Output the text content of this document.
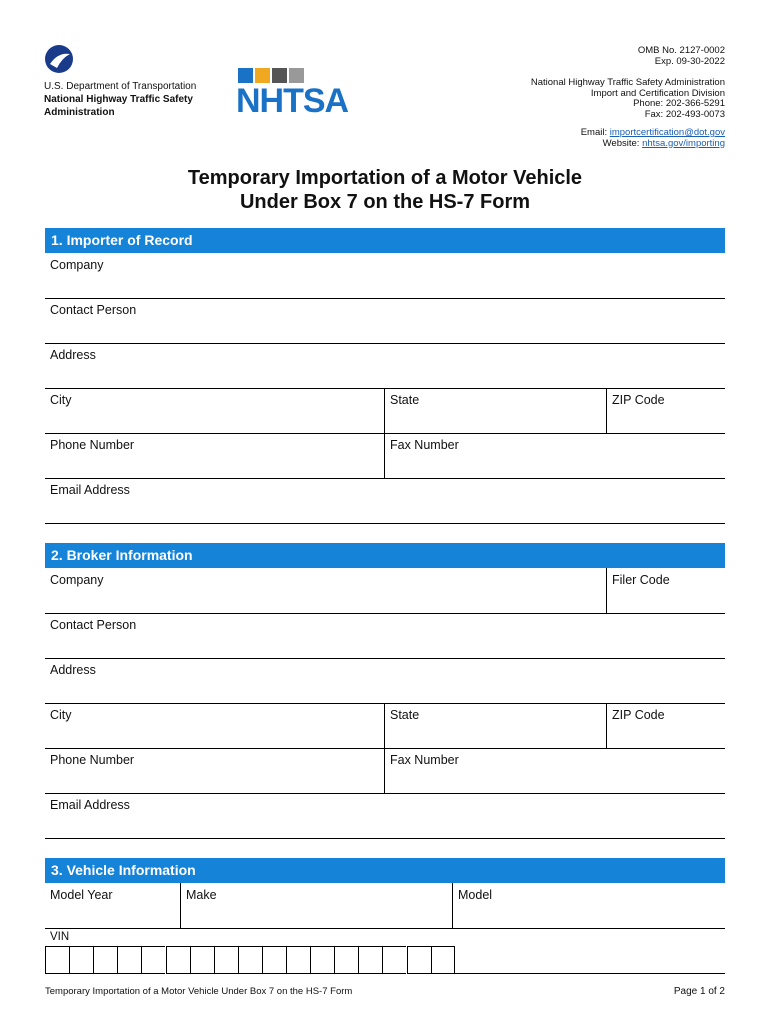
U.S. Department of Transportation
National Highway Traffic Safety
Administration	NHTSA
OMB No. 2127-0002
Exp. 09-30-2022
National Highway Traffic Safety Administration
Import and Certification Division
Phone: 202-366-5291
Fax: 202-493-0073
Email: importcertification@dot.gov
Website: nhtsa.gov/importing
Temporary Importation of a Motor Vehicle
Under Box 7 on the HS-7 Form
1. Importer of Record
Company
Contact Person
Address
City	State	ZIP Code
Phone Number	Fax Number
Email Address
2. Broker Information
Company	Filer Code
Contact Person
Address
City	State	ZIP Code
Phone Number	Fax Number
Email Address
3. Vehicle Information
Model Year	Make	Model
VIN
Temporary Importation of a Motor Vehicle Under Box 7 on the HS-7 Form	Page 1 of 2
